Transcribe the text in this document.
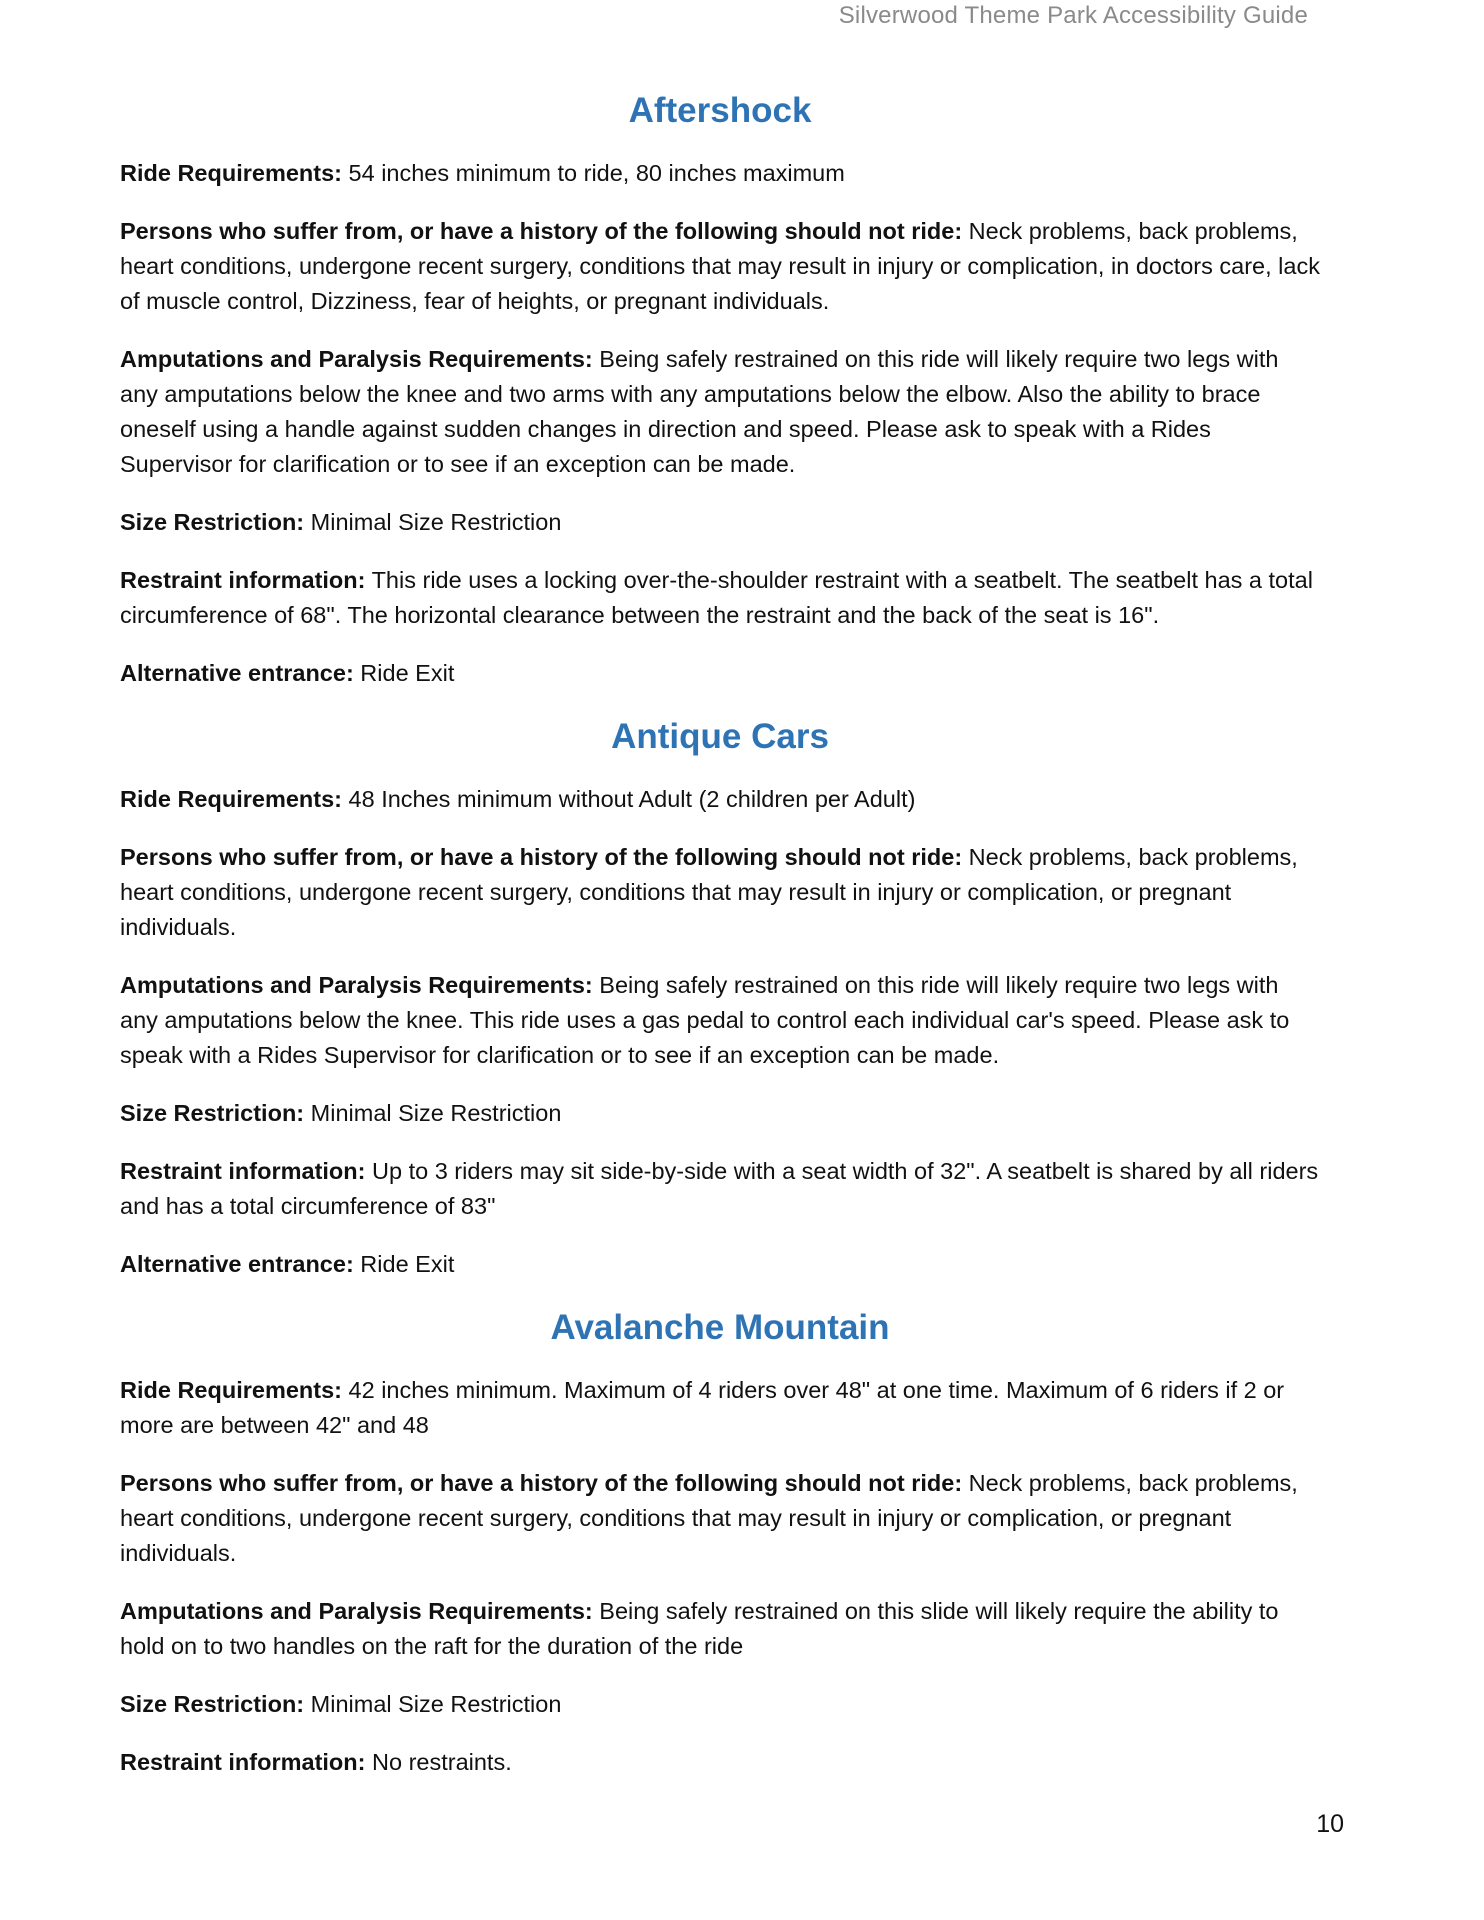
Silverwood Theme Park Accessibility Guide
Aftershock

Ride Requirements: 54 inches minimum to ride, 80 inches maximum

Persons who suffer from, or have a history of the following should not ride: Neck problems, back problems, heart conditions, undergone recent surgery, conditions that may result in injury or complication, in doctors care, lack of muscle control, Dizziness, fear of heights, or pregnant individuals.

Amputations and Paralysis Requirements: Being safely restrained on this ride will likely require two legs with any amputations below the knee and two arms with any amputations below the elbow. Also the ability to brace oneself using a handle against sudden changes in direction and speed. Please ask to speak with a Rides Supervisor for clarification or to see if an exception can be made.

Size Restriction: Minimal Size Restriction

Restraint information: This ride uses a locking over-the-shoulder restraint with a seatbelt. The seatbelt has a total circumference of 68". The horizontal clearance between the restraint and the back of the seat is 16".

Alternative entrance: Ride Exit

Antique Cars

Ride Requirements: 48 Inches minimum without Adult (2 children per Adult)

Persons who suffer from, or have a history of the following should not ride: Neck problems, back problems, heart conditions, undergone recent surgery, conditions that may result in injury or complication, or pregnant individuals.

Amputations and Paralysis Requirements: Being safely restrained on this ride will likely require two legs with any amputations below the knee. This ride uses a gas pedal to control each individual car's speed. Please ask to speak with a Rides Supervisor for clarification or to see if an exception can be made.

Size Restriction: Minimal Size Restriction

Restraint information: Up to 3 riders may sit side-by-side with a seat width of 32". A seatbelt is shared by all riders and has a total circumference of 83"

Alternative entrance: Ride Exit

Avalanche Mountain

Ride Requirements: 42 inches minimum. Maximum of 4 riders over 48" at one time. Maximum of 6 riders if 2 or more are between 42" and 48

Persons who suffer from, or have a history of the following should not ride: Neck problems, back problems, heart conditions, undergone recent surgery, conditions that may result in injury or complication, or pregnant individuals.

Amputations and Paralysis Requirements: Being safely restrained on this slide will likely require the ability to hold on to two handles on the raft for the duration of the ride

Size Restriction: Minimal Size Restriction

Restraint information: No restraints.

10
